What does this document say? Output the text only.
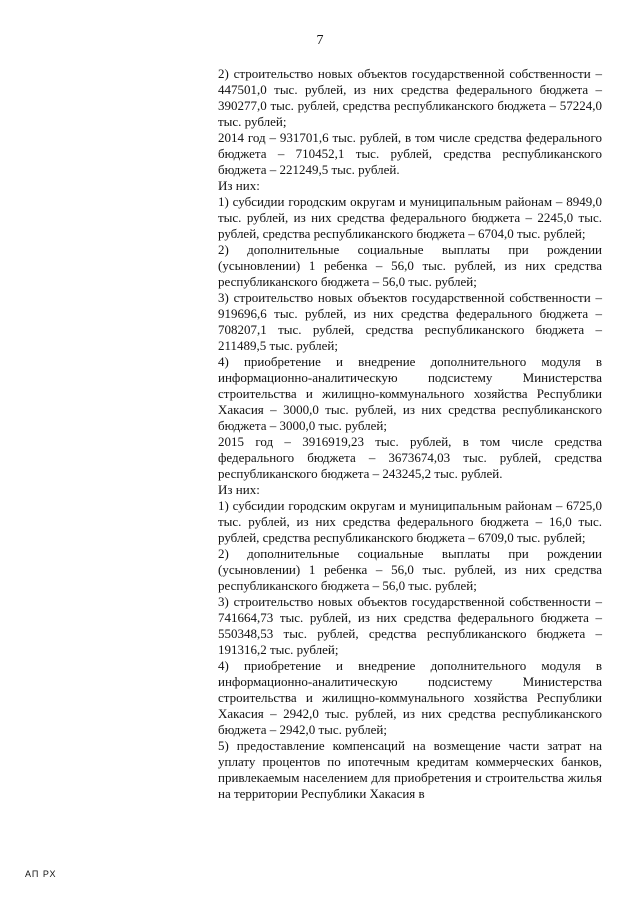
7

2) строительство новых объектов государственной собственности – 447501,0 тыс. рублей, из них средства федерального бюджета – 390277,0 тыс. рублей, средства республиканского бюджета – 57224,0 тыс. рублей;

2014 год – 931701,6 тыс. рублей, в том числе средства федерального бюджета – 710452,1 тыс. рублей, средства республиканского бюджета – 221249,5 тыс. рублей.

Из них:

1) субсидии городским округам и муниципальным районам – 8949,0 тыс. рублей, из них средства федерального бюджета – 2245,0 тыс. рублей, средства республиканского бюджета – 6704,0 тыс. рублей;

2) дополнительные социальные выплаты при рождении (усыновлении) 1 ребенка – 56,0 тыс. рублей, из них средства республиканского бюджета – 56,0 тыс. рублей;

3) строительство новых объектов государственной собственности – 919696,6 тыс. рублей, из них средства федерального бюджета – 708207,1 тыс. рублей, средства республиканского бюджета – 211489,5 тыс. рублей;

4) приобретение и внедрение дополнительного модуля в информационно-аналитическую подсистему Министерства строительства и жилищно-коммунального хозяйства Республики Хакасия – 3000,0 тыс. рублей, из них средства республиканского бюджета – 3000,0 тыс. рублей;

2015 год – 3916919,23 тыс. рублей, в том числе средства федерального бюджета – 3673674,03 тыс. рублей, средства республиканского бюджета – 243245,2 тыс. рублей.

Из них:

1) субсидии городским округам и муниципальным районам – 6725,0 тыс. рублей, из них средства федерального бюджета – 16,0 тыс. рублей, средства республиканского бюджета – 6709,0 тыс. рублей;

2) дополнительные социальные выплаты при рождении (усыновлении) 1 ребенка – 56,0 тыс. рублей, из них средства республиканского бюджета – 56,0 тыс. рублей;

3) строительство новых объектов государственной собственности – 741664,73 тыс. рублей, из них средства федерального бюджета – 550348,53 тыс. рублей, средства республиканского бюджета – 191316,2 тыс. рублей;

4) приобретение и внедрение дополнительного модуля в информационно-аналитическую подсистему Министерства строительства и жилищно-коммунального хозяйства Республики Хакасия – 2942,0 тыс. рублей, из них средства республиканского бюджета – 2942,0 тыс. рублей;

5) предоставление компенсаций на возмещение части затрат на уплату процентов по ипотечным кредитам коммерческих банков, привлекаемым населением для приобретения и строительства жилья на территории Республики Хакасия в

АП РХ
